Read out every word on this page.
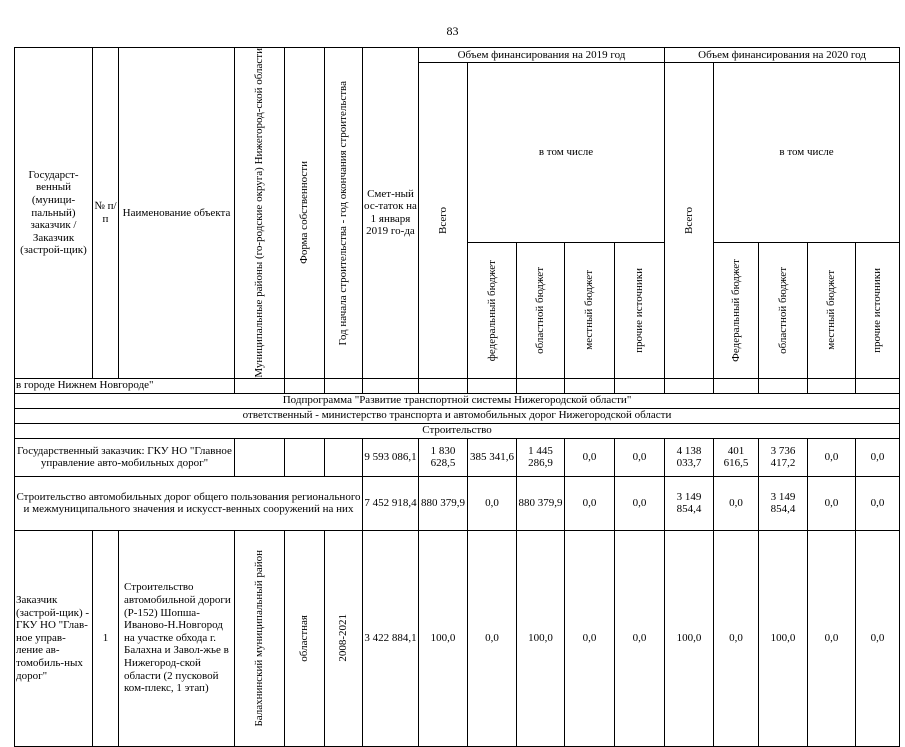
83
Государст-венный (муници-пальный) заказчик / Заказчик (застрой-щик)	№ п/п	Наименование объекта	Муниципальные районы (го-родские округа) Нижегород-ской области	Форма собственности	Год начала строительства - год окончания строительства	Смет-ный ос-таток на 1 января 2019 го-да	Объем финансирования на 2019 год					Объем финансирования на 2020 год				

							Всего	в том числе				Всего	в том числе			

								федеральный бюджет	областной бюджет	местный бюджет	прочие источники		Федеральный бюджет	областной бюджет	местный бюджет	прочие источники

в городе Нижнем Новгороде"																
Подпрограмма "Развитие транспортной системы Нижегородской области"																
ответственный - министерство транспорта и автомобильных дорог Нижегородской области																
Строительство																
Государственный заказчик: ГКУ НО "Главное управление авто-мобильных дорог"						9 593 086,1	1 830 628,5	385 341,6	1 445 286,9	0,0	0,0	4 138 033,7	401 616,5	3 736 417,2	0,0	0,0
Строительство автомобильных дорог общего пользования регионального и межмуниципального значения и искусст-венных сооружений на них						7 452 918,4	880 379,9	0,0	880 379,9	0,0	0,0	3 149 854,4	0,0	3 149 854,4	0,0	0,0
Заказчик (застрой-щик) - ГКУ НО "Глав-ное управ-ление ав-томобиль-ных дорог"	1	Строительство автомобильной дороги (Р-152) Шопша-Иваново-Н.Новгород на участке обхода г. Балахна и Завол-жье в Нижегород-ской области (2 пусковой ком-плекс, 1 этап)	Балахнинский муниципальный район	областная	2008-2021	3 422 884,1	100,0	0,0	100,0	0,0	0,0	100,0	0,0	100,0	0,0	0,0
